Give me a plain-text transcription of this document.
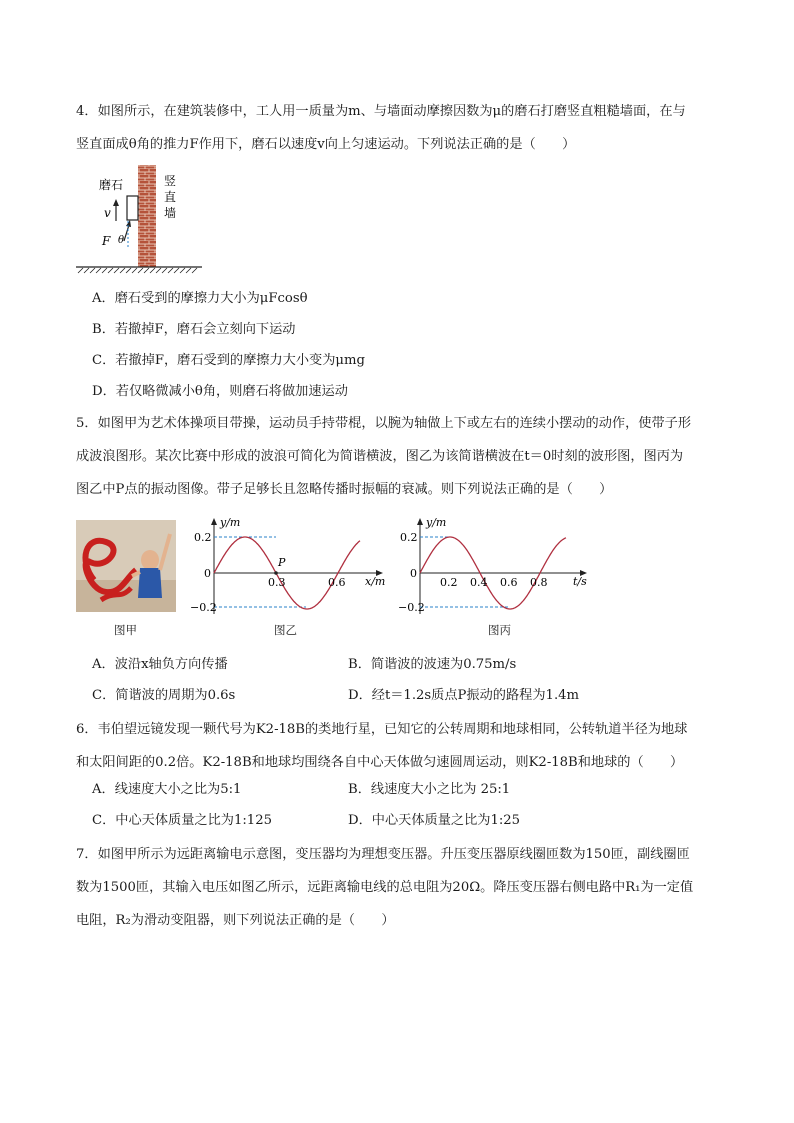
4．如图所示，在建筑装修中，工人用一质量为m、与墙面动摩擦因数为μ的磨石打磨竖直粗糙墙面，在与
竖直面成θ角的推力F作用下，磨石以速度v向上匀速运动。下列说法正确的是（　　）
磨石
v
F θ
竖
直
墙
A．磨石受到的摩擦力大小为μFcosθ
B．若撤掉F，磨石会立刻向下运动
C．若撤掉F，磨石受到的摩擦力大小变为μmg
D．若仅略微减小θ角，则磨石将做加速运动
5．如图甲为艺术体操项目带操，运动员手持带棍，以腕为轴做上下或左右的连续小摆动的动作，使带子形
成波浪图形。某次比赛中形成的波浪可简化为简谐横波，图乙为该简谐横波在t＝0时刻的波形图，图丙为
图乙中P点的振动图像。带子足够长且忽略传播时振幅的衰减。则下列说法正确的是（　　）
P
y/m
x/m
0.2
0
−0.2
0.3	0.6
y/m
t/s
0.2
0
−0.2
0.2 0.4 0.6 0.8
图甲	图乙	图丙
A．波沿x轴负方向传播	B．简谐波的波速为0.75m/s
C．简谐波的周期为0.6s	D．经t＝1.2s质点P振动的路程为1.4m
6．韦伯望远镜发现一颗代号为K2-18B的类地行星，已知它的公转周期和地球相同，公转轨道半径为地球
和太阳间距的0.2倍。K2-18B和地球均围绕各自中心天体做匀速圆周运动，则K2-18B和地球的（　　）
A．线速度大小之比为5:1	B．线速度大小之比为 25:1
C．中心天体质量之比为1:125	D．中心天体质量之比为1:25
7．如图甲所示为远距离输电示意图，变压器均为理想变压器。升压变压器原线圈匝数为150匝，副线圈匝
数为1500匝，其输入电压如图乙所示，远距离输电线的总电阻为20Ω。降压变压器右侧电路中R₁为一定值
电阻，R₂为滑动变阻器，则下列说法正确的是（　　）
